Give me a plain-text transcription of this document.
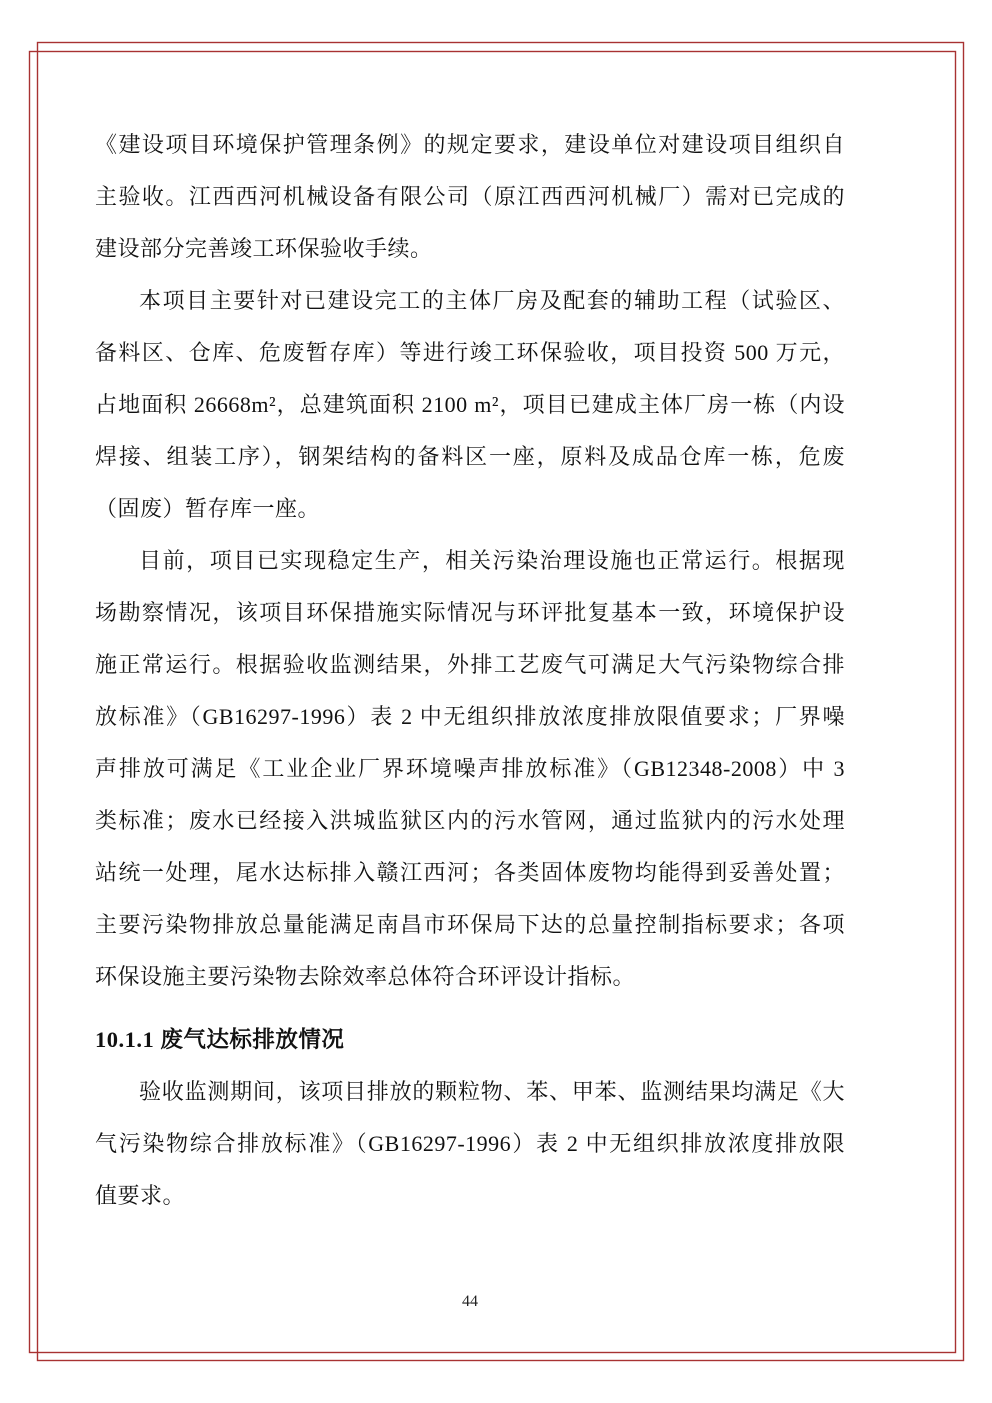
《建设项目环境保护管理条例》的规定要求，建设单位对建设项目组织自
主验收。江西西河机械设备有限公司（原江西西河机械厂）需对已完成的
建设部分完善竣工环保验收手续。
本项目主要针对已建设完工的主体厂房及配套的辅助工程（试验区、
备料区、仓库、危废暂存库）等进行竣工环保验收，项目投资 500 万元，
占地面积 26668m²，总建筑面积 2100 m²，项目已建成主体厂房一栋（内设
焊接、组装工序），钢架结构的备料区一座，原料及成品仓库一栋，危废
（固废）暂存库一座。
目前，项目已实现稳定生产，相关污染治理设施也正常运行。根据现
场勘察情况，该项目环保措施实际情况与环评批复基本一致，环境保护设
施正常运行。根据验收监测结果，外排工艺废气可满足大气污染物综合排
放标准》（GB16297-1996）表 2 中无组织排放浓度排放限值要求；厂界噪
声排放可满足《工业企业厂界环境噪声排放标准》（GB12348-2008）中 3
类标准；废水已经接入洪城监狱区内的污水管网，通过监狱内的污水处理
站统一处理，尾水达标排入赣江西河；各类固体废物均能得到妥善处置；
主要污染物排放总量能满足南昌市环保局下达的总量控制指标要求；各项
环保设施主要污染物去除效率总体符合环评设计指标。
10.1.1 废气达标排放情况
验收监测期间，该项目排放的颗粒物、苯、甲苯、监测结果均满足《大
气污染物综合排放标准》（GB16297-1996）表 2 中无组织排放浓度排放限
值要求。
44
